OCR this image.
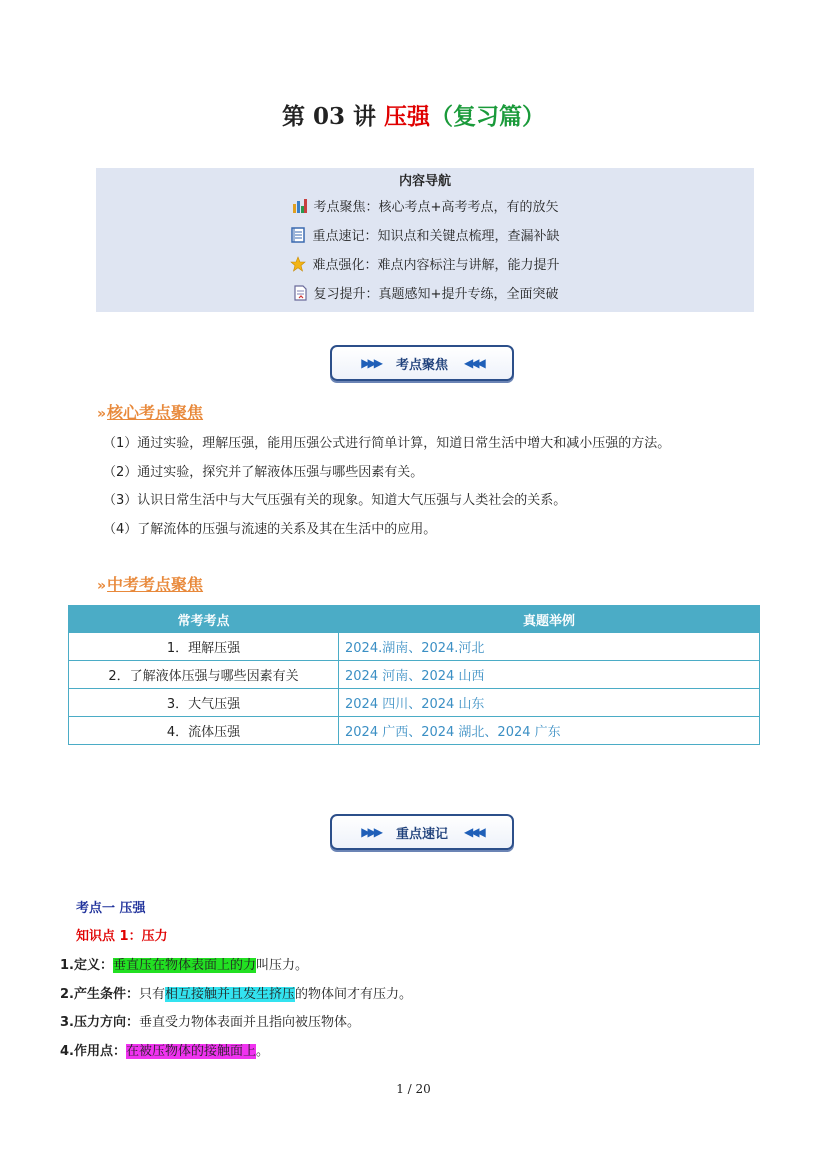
第 03 讲 压强（复习篇）
内容导航
考点聚焦：核心考点+高考考点，有的放矢
重点速记：知识点和关键点梳理，查漏补缺
难点强化：难点内容标注与讲解，能力提升
复习提升：真题感知+提升专练，全面突破
▶▶▶ 考点聚焦 ◀◀◀
» 核心考点聚焦
（1）通过实验，理解压强，能用压强公式进行简单计算，知道日常生活中增大和减小压强的方法。
（2）通过实验，探究并了解液体压强与哪些因素有关。
（3）认识日常生活中与大气压强有关的现象。知道大气压强与人类社会的关系。
（4）了解流体的压强与流速的关系及其在生活中的应用。
» 中考考点聚焦
常考考点	真题举例
1．理解压强	2024.湖南、2024.河北
2．了解液体压强与哪些因素有关	2024 河南、2024 山西
3．大气压强	2024 四川、2024 山东
4．流体压强	2024 广西、2024 湖北、2024 广东
▶▶▶ 重点速记 ◀◀◀
考点一 压强
知识点 1：压力
1.定义：垂直压在物体表面上的力叫压力。
2.产生条件：只有相互接触并且发生挤压的物体间才有压力。
3.压力方向：垂直受力物体表面并且指向被压物体。
4.作用点：在被压物体的接触面上。
1 / 20
